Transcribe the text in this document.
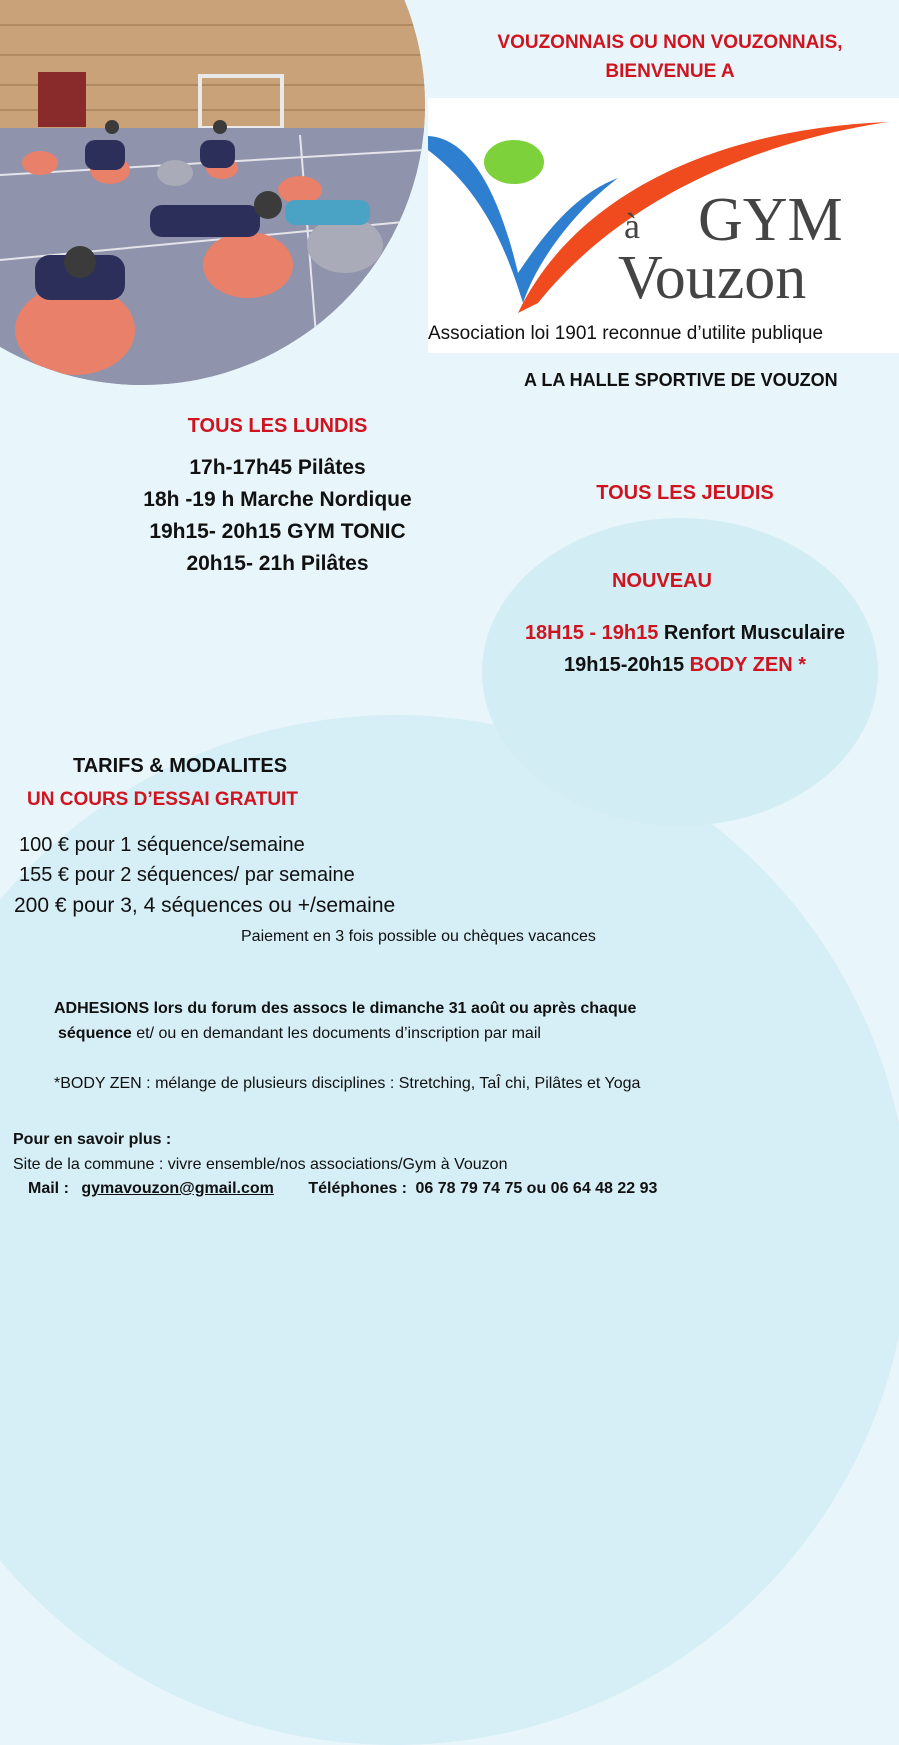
VOUZONNAIS OU NON VOUZONNAIS,
BIENVENUE A
GYM
à
Vouzon
Association loi 1901 reconnue d’utilite publique
A LA HALLE SPORTIVE DE VOUZON
TOUS LES LUNDIS
17h-17h45 Pilâtes
18h -19 h Marche Nordique
19h15- 20h15 GYM TONIC
20h15- 21h Pilâtes
TOUS LES JEUDIS
NOUVEAU
18H15 - 19h15 Renfort Musculaire
19h15-20h15 BODY ZEN *
TARIFS & MODALITES
UN COURS D’ESSAI GRATUIT
100 € pour 1 séquence/semaine
155 € pour 2 séquences/ par semaine
200 € pour 3, 4 séquences ou +/semaine
Paiement en 3 fois possible ou chèques vacances
ADHESIONS lors du forum des assocs le dimanche 31 août ou après chaque
séquence et/ ou en demandant les documents d’inscription par mail
*BODY ZEN : mélange de plusieurs disciplines : Stretching, TaÎ chi, Pilâtes et Yoga
Pour en savoir plus :
Site de la commune : vivre ensemble/nos associations/Gym à Vouzon
Mail : gymavouzon@gmail.com Téléphones : 06 78 79 74 75 ou 06 64 48 22 93
